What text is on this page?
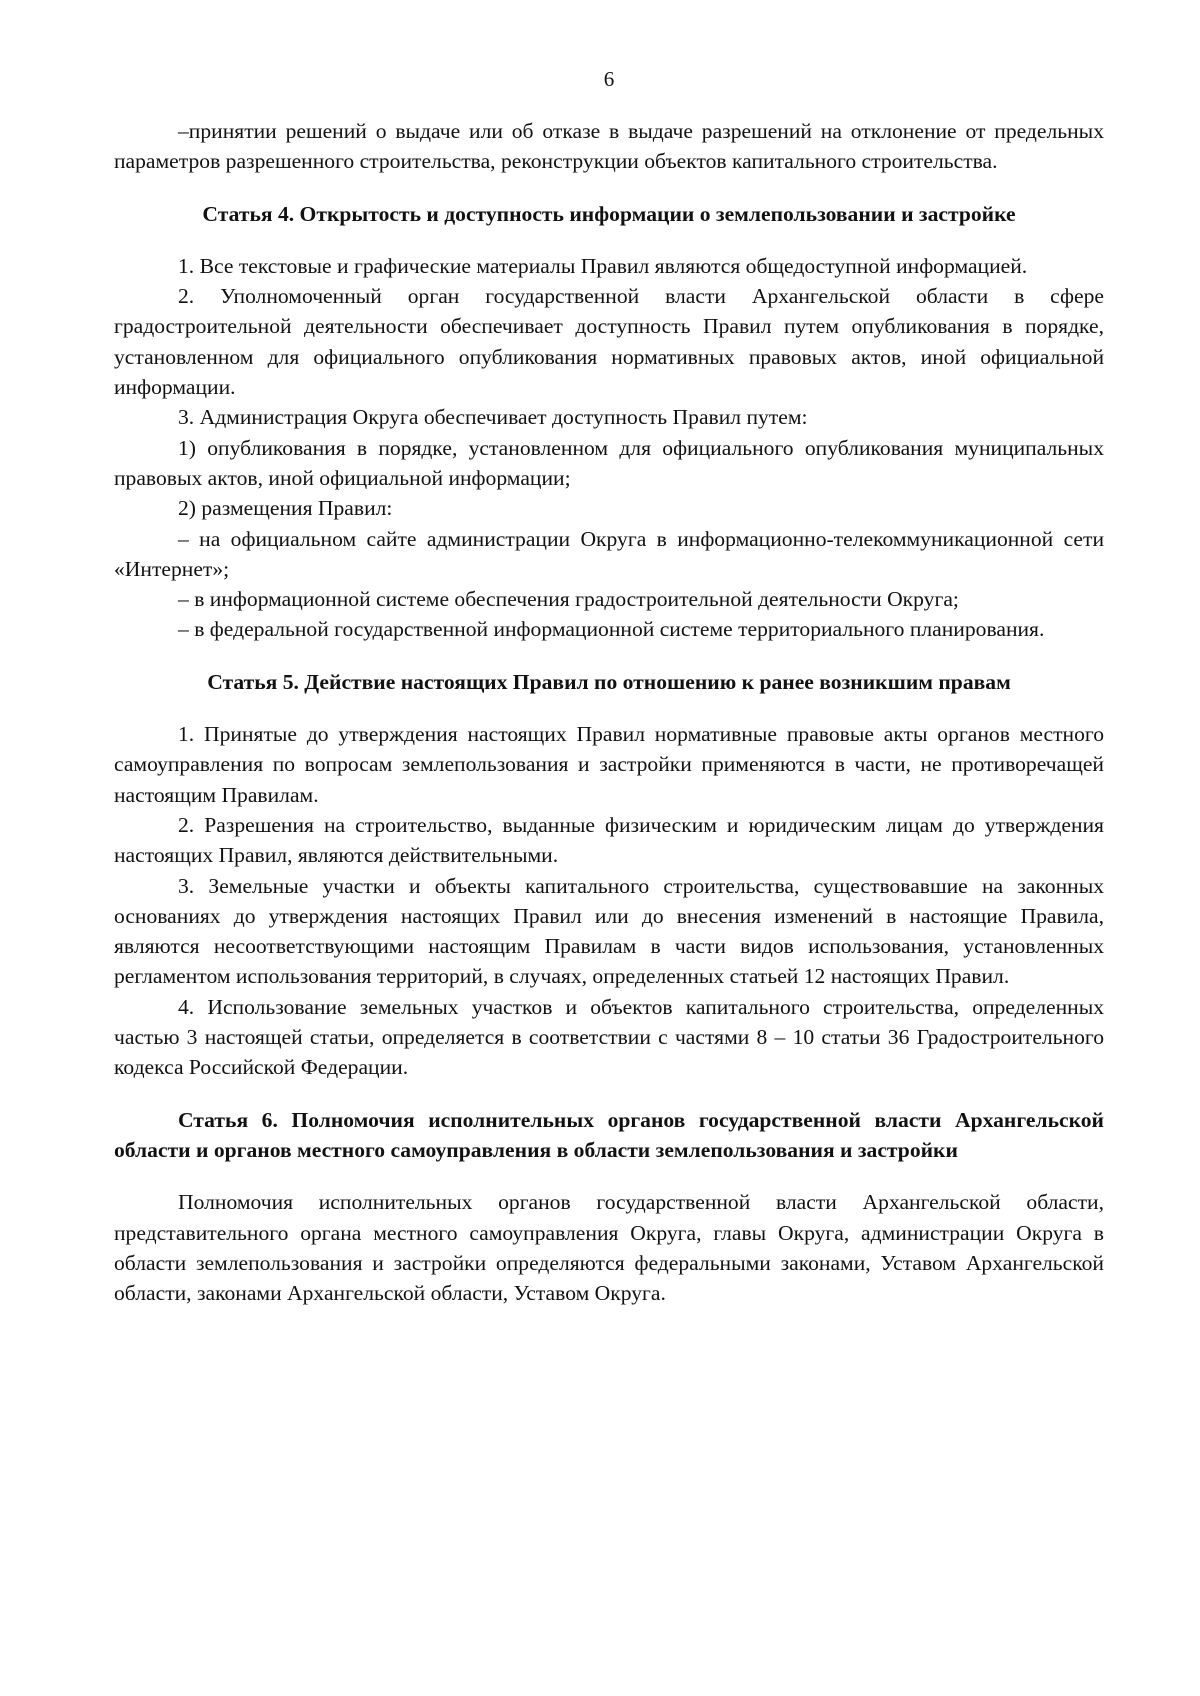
6

–принятии решений о выдаче или об отказе в выдаче разрешений на отклонение от предельных параметров разрешенного строительства, реконструкции объектов капитального строительства.

Статья 4. Открытость и доступность информации о землепользовании и застройке

1. Все текстовые и графические материалы Правил являются общедоступной информацией.

2. Уполномоченный орган государственной власти Архангельской области в сфере градостроительной деятельности обеспечивает доступность Правил путем опубликования в порядке, установленном для официального опубликования нормативных правовых актов, иной официальной информации.

3. Администрация Округа обеспечивает доступность Правил путем:

1) опубликования в порядке, установленном для официального опубликования муниципальных правовых актов, иной официальной информации;

2) размещения Правил:

– на официальном сайте администрации Округа в информационно-телекоммуникационной сети «Интернет»;

– в информационной системе обеспечения градостроительной деятельности Округа;

– в федеральной государственной информационной системе территориального планирования.

Статья 5. Действие настоящих Правил по отношению к ранее возникшим правам

1. Принятые до утверждения настоящих Правил нормативные правовые акты органов местного самоуправления по вопросам землепользования и застройки применяются в части, не противоречащей настоящим Правилам.

2. Разрешения на строительство, выданные физическим и юридическим лицам до утверждения настоящих Правил, являются действительными.

3. Земельные участки и объекты капитального строительства, существовавшие на законных основаниях до утверждения настоящих Правил или до внесения изменений в настоящие Правила, являются несоответствующими настоящим Правилам в части видов использования, установленных регламентом использования территорий, в случаях, определенных статьей 12 настоящих Правил.

4. Использование земельных участков и объектов капитального строительства, определенных частью 3 настоящей статьи, определяется в соответствии с частями 8 – 10 статьи 36 Градостроительного кодекса Российской Федерации.

Статья 6. Полномочия исполнительных органов государственной власти Архангельской области и органов местного самоуправления в области землепользования и застройки

Полномочия исполнительных органов государственной власти Архангельской области, представительного органа местного самоуправления Округа, главы Округа, администрации Округа в области землепользования и застройки определяются федеральными законами, Уставом Архангельской области, законами Архангельской области, Уставом Округа.
